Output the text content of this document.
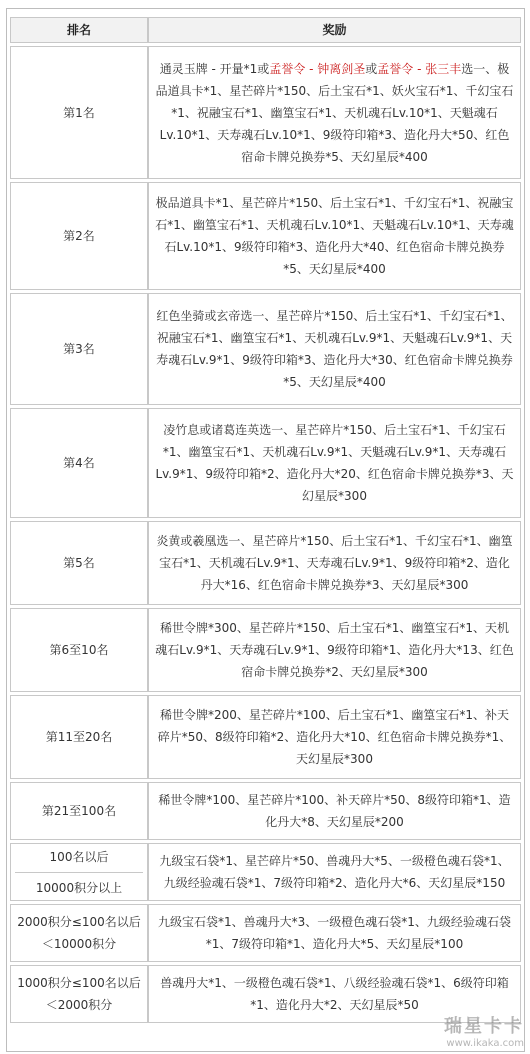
排名	奖励
第1名	通灵玉牌 - 开量*1或孟誉令 - 钟离剑圣或孟誉令 - 张三丰选一、极品道具卡*1、星芒碎片*150、后土宝石*1、妖火宝石*1、千幻宝石*1、祝融宝石*1、幽篁宝石*1、天机魂石Lv.10*1、天魁魂石Lv.10*1、天寿魂石Lv.10*1、9级符印箱*3、造化丹大*50、红色宿命卡牌兑换券*5、天幻星辰*400
第2名	极品道具卡*1、星芒碎片*150、后土宝石*1、千幻宝石*1、祝融宝石*1、幽篁宝石*1、天机魂石Lv.10*1、天魁魂石Lv.10*1、天寿魂石Lv.10*1、9级符印箱*3、造化丹大*40、红色宿命卡牌兑换券*5、天幻星辰*400
第3名	红色坐骑或玄帝选一、星芒碎片*150、后土宝石*1、千幻宝石*1、祝融宝石*1、幽篁宝石*1、天机魂石Lv.9*1、天魁魂石Lv.9*1、天寿魂石Lv.9*1、9级符印箱*3、造化丹大*30、红色宿命卡牌兑换券*5、天幻星辰*400
第4名	凌竹息或诸葛连英选一、星芒碎片*150、后土宝石*1、千幻宝石*1、幽篁宝石*1、天机魂石Lv.9*1、天魁魂石Lv.9*1、天寿魂石Lv.9*1、9级符印箱*2、造化丹大*20、红色宿命卡牌兑换券*3、天幻星辰*300
第5名	炎黄或羲凰选一、星芒碎片*150、后土宝石*1、千幻宝石*1、幽篁宝石*1、天机魂石Lv.9*1、天寿魂石Lv.9*1、9级符印箱*2、造化丹大*16、红色宿命卡牌兑换券*3、天幻星辰*300
第6至10名	稀世令牌*300、星芒碎片*150、后土宝石*1、幽篁宝石*1、天机魂石Lv.9*1、天寿魂石Lv.9*1、9级符印箱*1、造化丹大*13、红色宿命卡牌兑换券*2、天幻星辰*300
第11至20名	稀世令牌*200、星芒碎片*100、后土宝石*1、幽篁宝石*1、补天碎片*50、8级符印箱*2、造化丹大*10、红色宿命卡牌兑换券*1、天幻星辰*300
第21至100名	稀世令牌*100、星芒碎片*100、补天碎片*50、8级符印箱*1、造化丹大*8、天幻星辰*200

100名以后
10000积分以上	九级宝石袋*1、星芒碎片*50、兽魂丹大*5、一级橙色魂石袋*1、九级经验魂石袋*1、7级符印箱*2、造化丹大*6、天幻星辰*150

2000积分≤100名以后
＜10000积分	九级宝石袋*1、兽魂丹大*3、一级橙色魂石袋*1、九级经验魂石袋*1、7级符印箱*1、造化丹大*5、天幻星辰*100

1000积分≤100名以后
＜2000积分	兽魂丹大*1、一级橙色魂石袋*1、八级经验魂石袋*1、6级符印箱*1、造化丹大*2、天幻星辰*50
瑞星卡卡
www.ikaka.com
